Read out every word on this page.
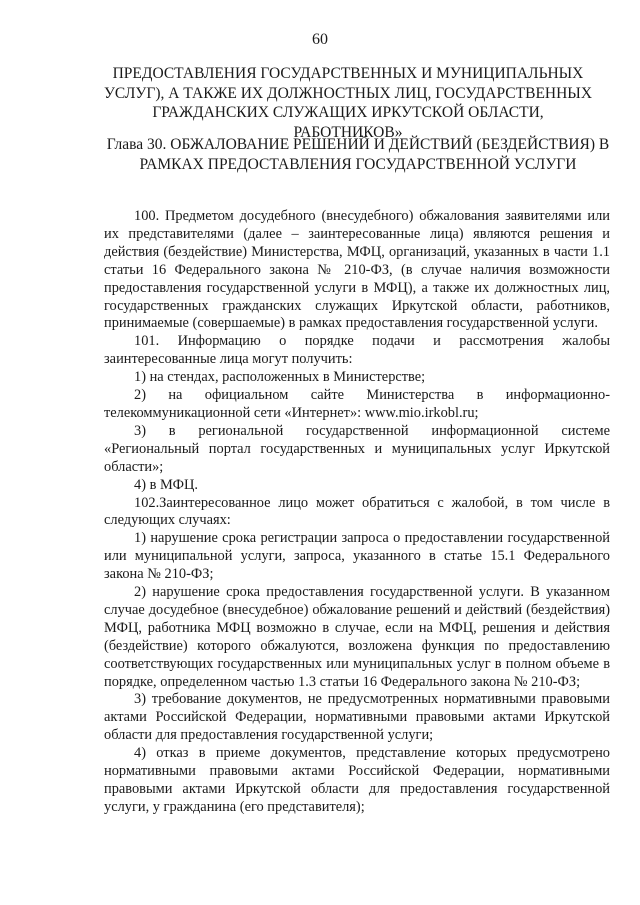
60
ПРЕДОСТАВЛЕНИЯ ГОСУДАРСТВЕННЫХ И МУНИЦИПАЛЬНЫХ УСЛУГ), А ТАКЖЕ ИХ ДОЛЖНОСТНЫХ ЛИЦ, ГОСУДАРСТВЕННЫХ ГРАЖДАНСКИХ СЛУЖАЩИХ ИРКУТСКОЙ ОБЛАСТИ, РАБОТНИКОВ»
Глава 30. ОБЖАЛОВАНИЕ РЕШЕНИЙ И ДЕЙСТВИЙ (БЕЗДЕЙСТВИЯ) В РАМКАХ ПРЕДОСТАВЛЕНИЯ ГОСУДАРСТВЕННОЙ УСЛУГИ

100. Предметом досудебного (внесудебного) обжалования заявителями или их представителями (далее – заинтересованные лица) являются решения и действия (бездействие) Министерства, МФЦ, организаций, указанных в части 1.1 статьи 16 Федерального закона № 210-ФЗ, (в случае наличия возможности предоставления государственной услуги в МФЦ), а также их должностных лиц, государственных гражданских служащих Иркутской области, работников, принимаемые (совершаемые) в рамках предоставления государственной услуги.

101. Информацию о порядке подачи и рассмотрения жалобы заинтересованные лица могут получить:

1) на стендах, расположенных в Министерстве;

2) на официальном сайте Министерства в информационно-телекоммуникационной сети «Интернет»: www.mio.irkobl.ru;

3) в региональной государственной информационной системе «Региональный портал государственных и муниципальных услуг Иркутской области»;

4) в МФЦ.

102.Заинтересованное лицо может обратиться с жалобой, в том числе в следующих случаях:

1) нарушение срока регистрации запроса о предоставлении государственной или муниципальной услуги, запроса, указанного в статье 15.1 Федерального закона № 210-ФЗ;

2) нарушение срока предоставления государственной услуги. В указанном случае досудебное (внесудебное) обжалование решений и действий (бездействия) МФЦ, работника МФЦ возможно в случае, если на МФЦ, решения и действия (бездействие) которого обжалуются, возложена функция по предоставлению соответствующих государственных или муниципальных услуг в полном объеме в порядке, определенном частью 1.3 статьи 16 Федерального закона № 210-ФЗ;

3) требование документов, не предусмотренных нормативными правовыми актами Российской Федерации, нормативными правовыми актами Иркутской области для предоставления государственной услуги;

4) отказ в приеме документов, представление которых предусмотрено нормативными правовыми актами Российской Федерации, нормативными правовыми актами Иркутской области для предоставления государственной услуги, у гражданина (его представителя);
